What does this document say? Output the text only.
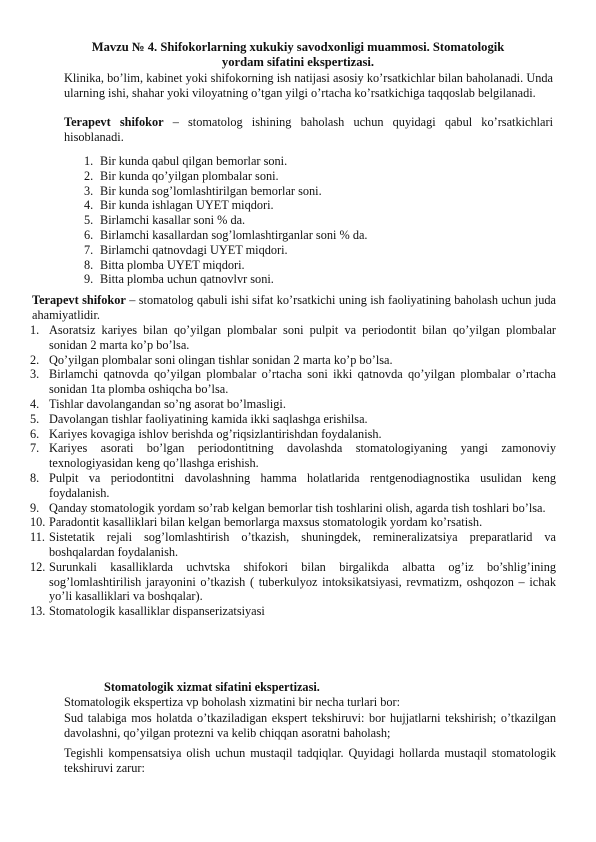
Mavzu № 4. Shifokorlarning xukukiy savodxonligi muammosi. Stomatologik
yordam sifatini ekspertizasi.
Klinika, bo’lim, kabinet yoki shifokorning ish natijasi asosiy ko’rsatkichlar bilan baholanadi. Unda ularning ishi, shahar yoki viloyatning o’tgan yilgi o’rtacha ko’rsatkichiga taqqoslab belgilanadi.
Terapevt shifokor – stomatolog ishining baholash uchun quyidagi qabul ko’rsatkichlari hisoblanadi.
1. Bir kunda qabul qilgan bemorlar soni.
2. Bir kunda qo’yilgan plombalar soni.
3. Bir kunda sog’lomlashtirilgan bemorlar soni.
4. Bir kunda ishlagan UYET miqdori.
5. Birlamchi kasallar soni % da.
6. Birlamchi kasallardan sog’lomlashtirganlar soni % da.
7. Birlamchi qatnovdagi UYET miqdori.
8. Bitta plomba UYET miqdori.
9. Bitta plomba uchun qatnovlvr soni.
Terapevt shifokor – stomatolog qabuli ishi sifat ko’rsatkichi uning ish faoliyatining baholash uchun juda ahamiyatlidir.
1. Asoratsiz kariyes bilan qo’yilgan plombalar soni pulpit va periodontit bilan qo’yilgan plombalar sonidan 2 marta ko’p bo’lsa.
2. Qo’yilgan plombalar soni olingan tishlar sonidan 2 marta ko’p bo’lsa.
3. Birlamchi qatnovda qo’yilgan plombalar o’rtacha soni ikki qatnovda qo’yilgan plombalar o’rtacha sonidan 1ta plomba oshiqcha bo’lsa.
4. Tishlar davolangandan so’ng asorat bo’lmasligi.
5. Davolangan tishlar faoliyatining kamida ikki saqlashga erishilsa.
6. Kariyes kovagiga ishlov berishda og’riqsizlantirishdan foydalanish.
7. Kariyes asorati bo’lgan periodontitning davolashda stomatologiyaning yangi zamonoviy texnologiyasidan keng qo’llashga erishish.
8. Pulpit va periodontitni davolashning hamma holatlarida rentgenodiagnostika usulidan keng foydalanish.
9. Qanday stomatologik yordam so’rab kelgan bemorlar tish toshlarini olish, agarda tish toshlari bo’lsa.
10. Paradontit kasalliklari bilan kelgan bemorlarga maxsus stomatologik yordam ko’rsatish.
11. Sistetatik rejali sog’lomlashtirish o’tkazish, shuningdek, remineralizatsiya preparatlarid va boshqalardan foydalanish.
12. Surunkali kasalliklarda uchvtska shifokori bilan birgalikda albatta og’iz bo’shlig’ining sog’lomlashtirilish jarayonini o’tkazish ( tuberkulyoz intoksikatsiyasi, revmatizm, oshqozon – ichak yo’li kasalliklari va boshqalar).
13. Stomatologik kasalliklar dispanserizatsiyasi
Stomatologik xizmat sifatini ekspertizasi.
Stomatologik ekspertiza vp boholash xizmatini bir necha turlari bor:
Sud talabiga mos holatda o’tkaziladigan ekspert tekshiruvi: bor hujjatlarni tekshirish; o’tkazilgan davolashni, qo’yilgan protezni va kelib chiqqan asoratni baholash;
Tegishli kompensatsiya olish uchun mustaqil tadqiqlar. Quyidagi hollarda mustaqil stomatologik tekshiruvi zarur:
